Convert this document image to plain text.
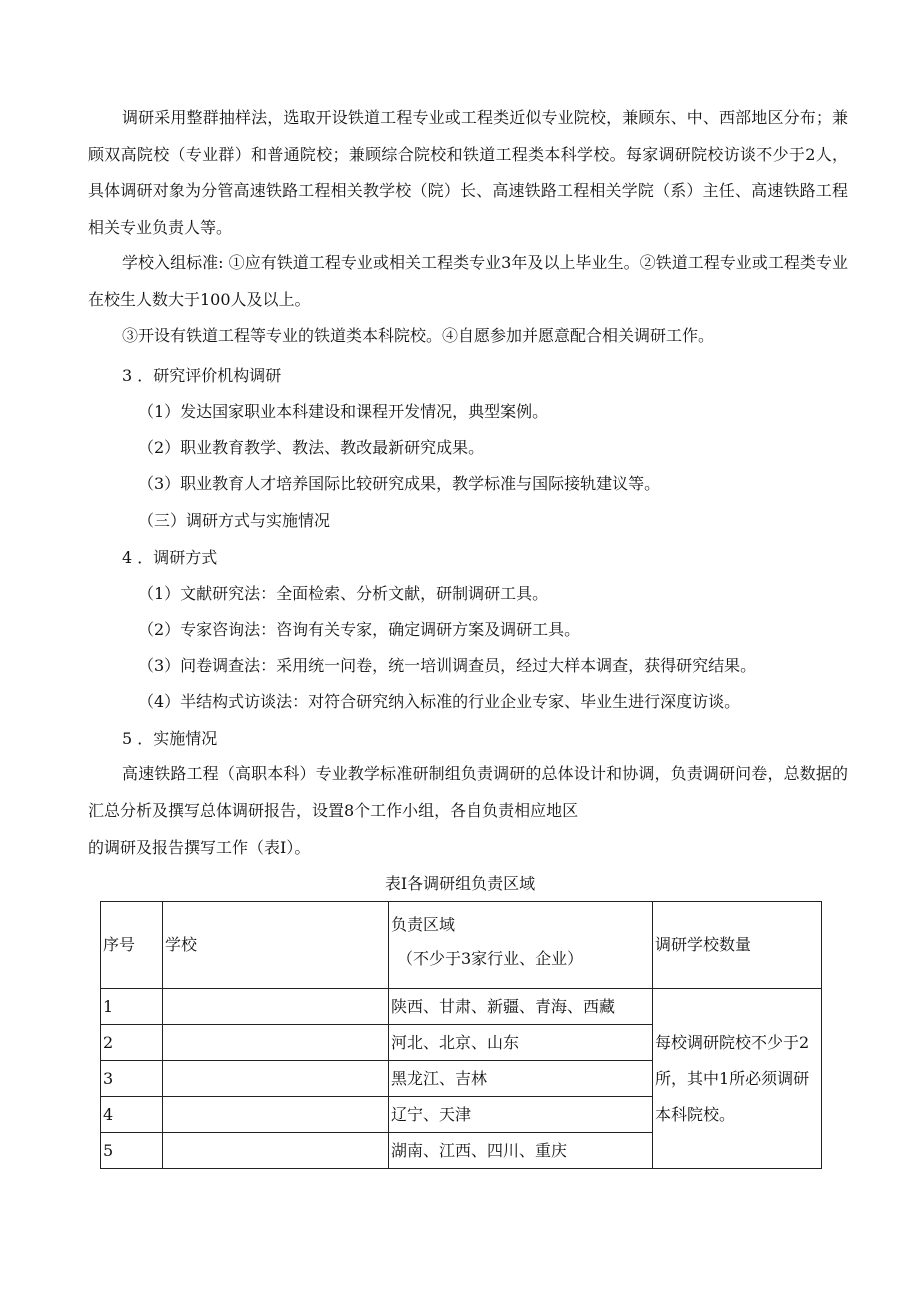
调研采用整群抽样法，选取开设铁道工程专业或工程类近似专业院校，兼顾东、中、西部地区分布；兼顾双高院校（专业群）和普通院校；兼顾综合院校和铁道工程类本科学校。每家调研院校访谈不少于2人，具体调研对象为分管高速铁路工程相关教学校（院）长、高速铁路工程相关学院（系）主任、高速铁路工程相关专业负责人等。

学校入组标准: ①应有铁道工程专业或相关工程类专业3年及以上毕业生。②铁道工程专业或工程类专业在校生人数大于100人及以上。

③开设有铁道工程等专业的铁道类本科院校。④自愿参加并愿意配合相关调研工作。

3 ．研究评价机构调研
（1）发达国家职业本科建设和课程开发情况，典型案例。
（2）职业教育教学、教法、教改最新研究成果。
（3）职业教育人才培养国际比较研究成果，教学标准与国际接轨建议等。
（三）调研方式与实施情况
4 ．调研方式
（1）文献研究法：全面检索、分析文献，研制调研工具。
（2）专家咨询法：咨询有关专家，确定调研方案及调研工具。
（3）问卷调查法：采用统一问卷，统一培训调查员，经过大样本调查，获得研究结果。
（4）半结构式访谈法：对符合研究纳入标准的行业企业专家、毕业生进行深度访谈。
5 ．实施情况

高速铁路工程（高职本科）专业教学标准研制组负责调研的总体设计和协调，负责调研问卷，总数据的汇总分析及撰写总体调研报告，设置8个工作小组，各自负责相应地区

的调研及报告撰写工作（表I）。
表I各调研组负责区域
序号	学校	负责区域
（不少于3家行业、企业）	调研学校数量
1		陕西、甘肃、新疆、青海、西藏	每校调研院校不少于2所，其中1所必须调研本科院校。
2		河北、北京、山东	
3		黑龙江、吉林	
4		辽宁、天津	
5		湖南、江西、四川、重庆	
